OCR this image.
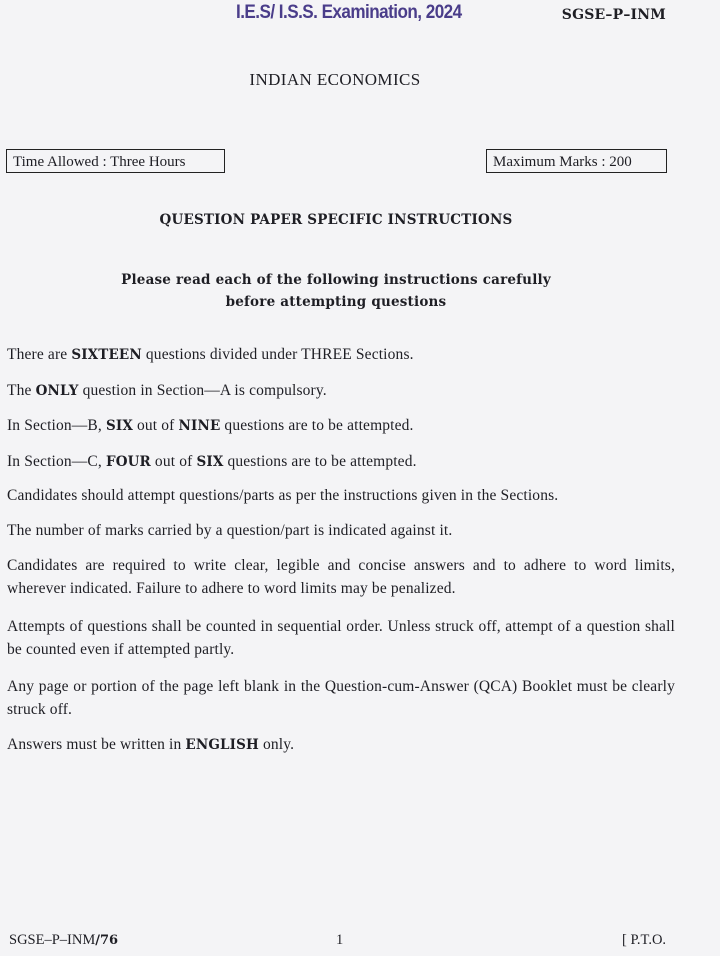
I.E.S/ I.S.S. Examination, 2024	SGSE–P–INM
INDIAN ECONOMICS
Time Allowed : Three Hours	Maximum Marks : 200
QUESTION PAPER SPECIFIC INSTRUCTIONS
Please read each of the following instructions carefully
before attempting questions
There are SIXTEEN questions divided under THREE Sections.
The ONLY question in Section—A is compulsory.
In Section—B, SIX out of NINE questions are to be attempted.
In Section—C, FOUR out of SIX questions are to be attempted.
Candidates should attempt questions/parts as per the instructions given in the Sections.
The number of marks carried by a question/part is indicated against it.
Candidates are required to write clear, legible and concise answers and to adhere to word limits, wherever indicated. Failure to adhere to word limits may be penalized.
Attempts of questions shall be counted in sequential order. Unless struck off, attempt of a question shall be counted even if attempted partly.
Any page or portion of the page left blank in the Question-cum-Answer (QCA) Booklet must be clearly struck off.
Answers must be written in ENGLISH only.
SGSE–P–INM/76	1	[ P.T.O.
